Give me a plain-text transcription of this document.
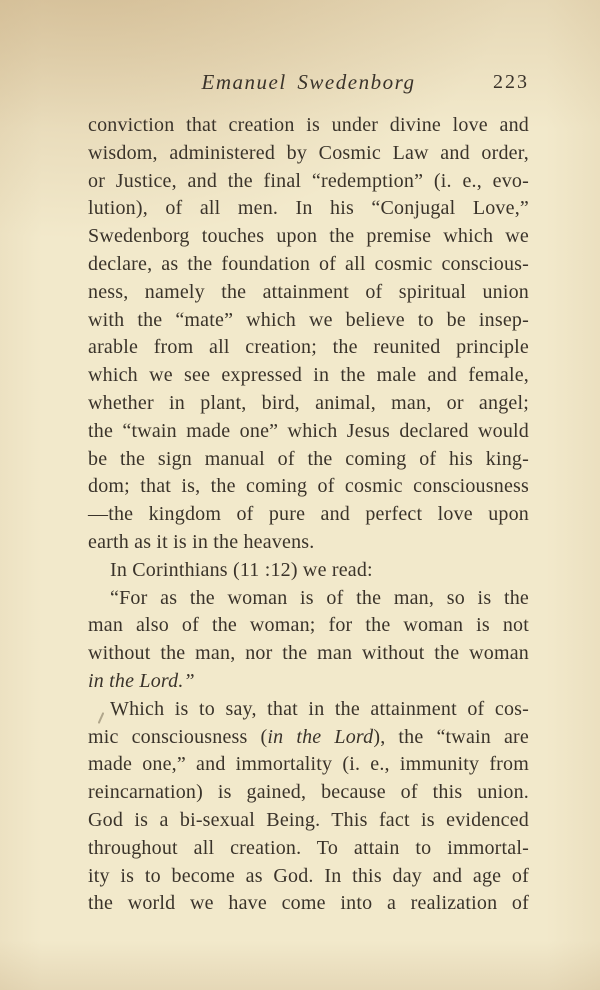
Emanuel Swedenborg	223
conviction that creation is under divine love and
wisdom, administered by Cosmic Law and order,
or Justice, and the final “redemption” (i. e., evo-
lution), of all men. In his “Conjugal Love,”
Swedenborg touches upon the premise which we
declare, as the foundation of all cosmic conscious-
ness, namely the attainment of spiritual union
with the “mate” which we believe to be insep-
arable from all creation; the reunited principle
which we see expressed in the male and female,
whether in plant, bird, animal, man, or angel;
the “twain made one” which Jesus declared would
be the sign manual of the coming of his king-
dom; that is, the coming of cosmic consciousness
—the kingdom of pure and perfect love upon
earth as it is in the heavens.
In Corinthians (11 :12) we read:
“For as the woman is of the man, so is the
man also of the woman; for the woman is not
without the man, nor the man without the woman
in the Lord.”
Which is to say, that in the attainment of cos-
mic consciousness (in the Lord), the “twain are
made one,” and immortality (i. e., immunity from
reincarnation) is gained, because of this union.
God is a bi-sexual Being. This fact is evidenced
throughout all creation. To attain to immortal-
ity is to become as God. In this day and age of
the world we have come into a realization of
